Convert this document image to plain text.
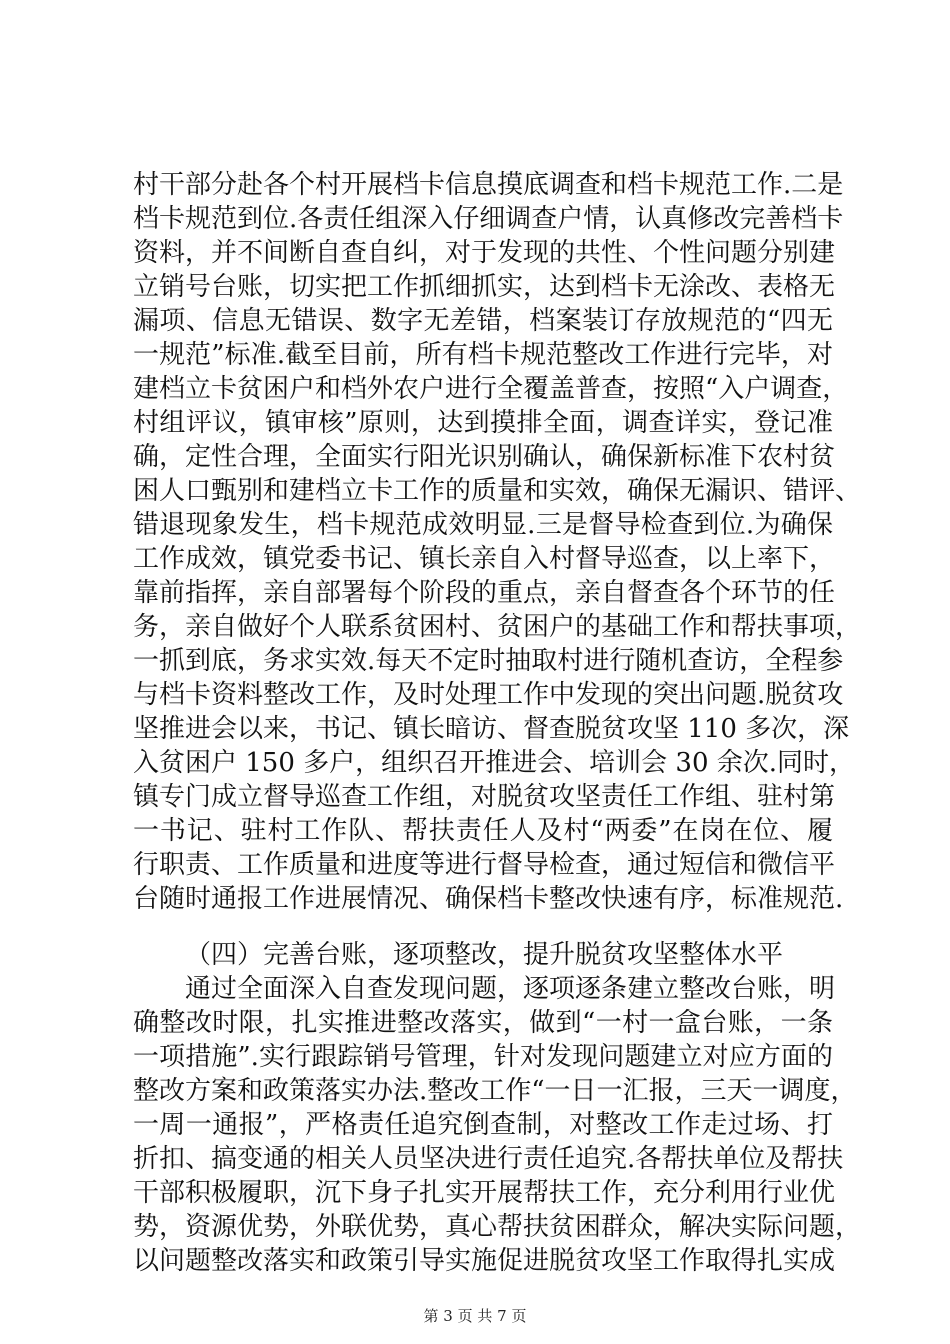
村干部分赴各个村开展档卡信息摸底调查和档卡规范工作.二是
档卡规范到位.各责任组深入仔细调查户情，认真修改完善档卡
资料，并不间断自查自纠，对于发现的共性、个性问题分别建
立销号台账，切实把工作抓细抓实，达到档卡无涂改、表格无
漏项、信息无错误、数字无差错，档案装订存放规范的“四无
一规范”标准.截至目前，所有档卡规范整改工作进行完毕，对
建档立卡贫困户和档外农户进行全覆盖普查，按照“入户调查，
村组评议，镇审核”原则，达到摸排全面，调查详实，登记准
确，定性合理，全面实行阳光识别确认，确保新标准下农村贫
困人口甄别和建档立卡工作的质量和实效，确保无漏识、错评、
错退现象发生，档卡规范成效明显.三是督导检查到位.为确保
工作成效，镇党委书记、镇长亲自入村督导巡查，以上率下，
靠前指挥，亲自部署每个阶段的重点，亲自督查各个环节的任
务，亲自做好个人联系贫困村、贫困户的基础工作和帮扶事项，
一抓到底，务求实效.每天不定时抽取村进行随机查访，全程参
与档卡资料整改工作，及时处理工作中发现的突出问题.脱贫攻
坚推进会以来，书记、镇长暗访、督查脱贫攻坚 110 多次，深
入贫困户 150 多户，组织召开推进会、培训会 30 余次.同时，
镇专门成立督导巡查工作组，对脱贫攻坚责任工作组、驻村第
一书记、驻村工作队、帮扶责任人及村“两委”在岗在位、履
行职责、工作质量和进度等进行督导检查，通过短信和微信平
台随时通报工作进展情况、确保档卡整改快速有序，标准规范.
（四）完善台账，逐项整改，提升脱贫攻坚整体水平
通过全面深入自查发现问题，逐项逐条建立整改台账，明
确整改时限，扎实推进整改落实，做到“一村一盒台账，一条
一项措施”.实行跟踪销号管理，针对发现问题建立对应方面的
整改方案和政策落实办法.整改工作“一日一汇报，三天一调度，
一周一通报”，严格责任追究倒查制，对整改工作走过场、打
折扣、搞变通的相关人员坚决进行责任追究.各帮扶单位及帮扶
干部积极履职，沉下身子扎实开展帮扶工作，充分利用行业优
势，资源优势，外联优势，真心帮扶贫困群众，解决实际问题，
第 3 页 共 7 页
以问题整改落实和政策引导实施促进脱贫攻坚工作取得扎实成
